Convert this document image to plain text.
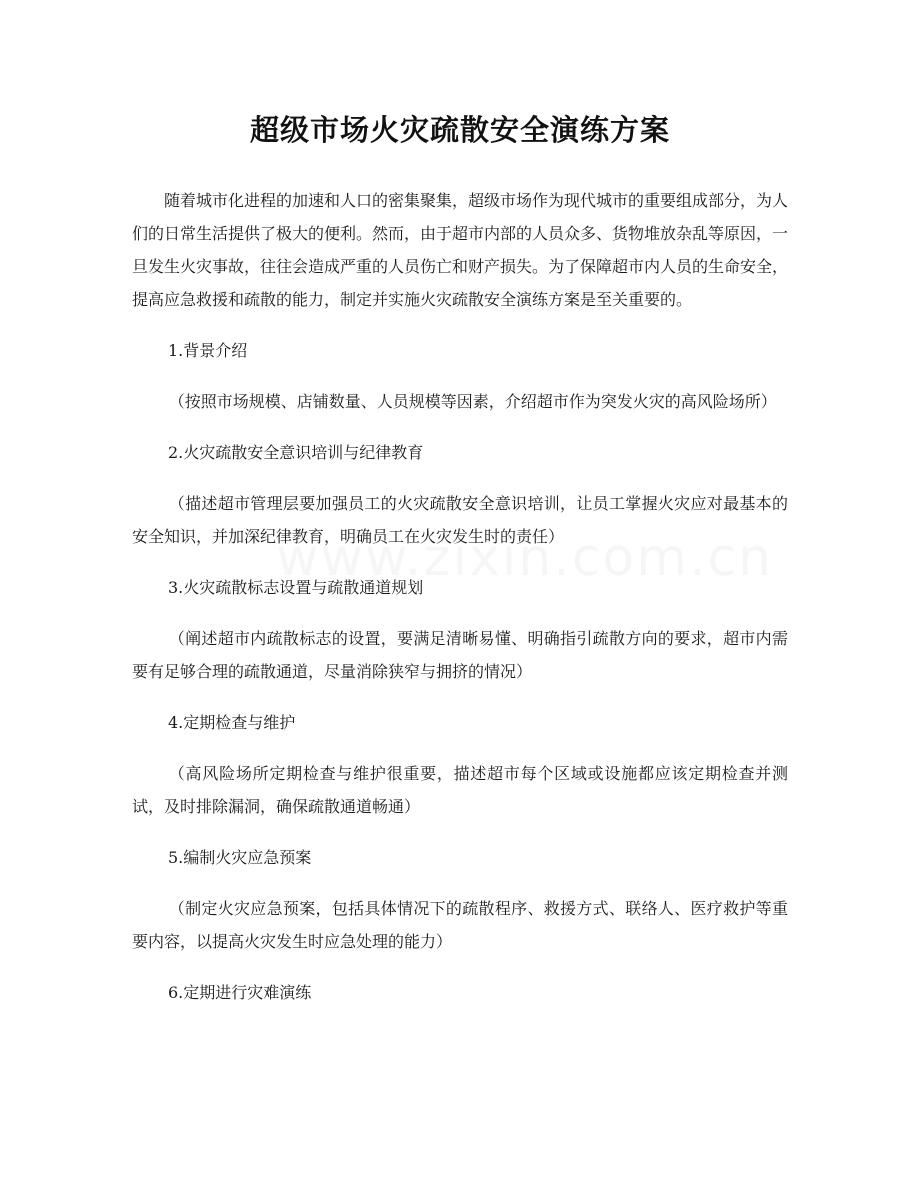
超级市场火灾疏散安全演练方案

随着城市化进程的加速和人口的密集聚集，超级市场作为现代城市的重要组成部分，为人们的日常生活提供了极大的便利。然而，由于超市内部的人员众多、货物堆放杂乱等原因，一旦发生火灾事故，往往会造成严重的人员伤亡和财产损失。为了保障超市内人员的生命安全，提高应急救援和疏散的能力，制定并实施火灾疏散安全演练方案是至关重要的。

1.背景介绍

（按照市场规模、店铺数量、人员规模等因素，介绍超市作为突发火灾的高风险场所）

2.火灾疏散安全意识培训与纪律教育

（描述超市管理层要加强员工的火灾疏散安全意识培训，让员工掌握火灾应对最基本的安全知识，并加深纪律教育，明确员工在火灾发生时的责任）

3.火灾疏散标志设置与疏散通道规划

（阐述超市内疏散标志的设置，要满足清晰易懂、明确指引疏散方向的要求，超市内需要有足够合理的疏散通道，尽量消除狭窄与拥挤的情况）

4.定期检查与维护

（高风险场所定期检查与维护很重要，描述超市每个区域或设施都应该定期检查并测试，及时排除漏洞，确保疏散通道畅通）

5.编制火灾应急预案

（制定火灾应急预案，包括具体情况下的疏散程序、救援方式、联络人、医疗救护等重要内容，以提高火灾发生时应急处理的能力）

6.定期进行灾难演练
